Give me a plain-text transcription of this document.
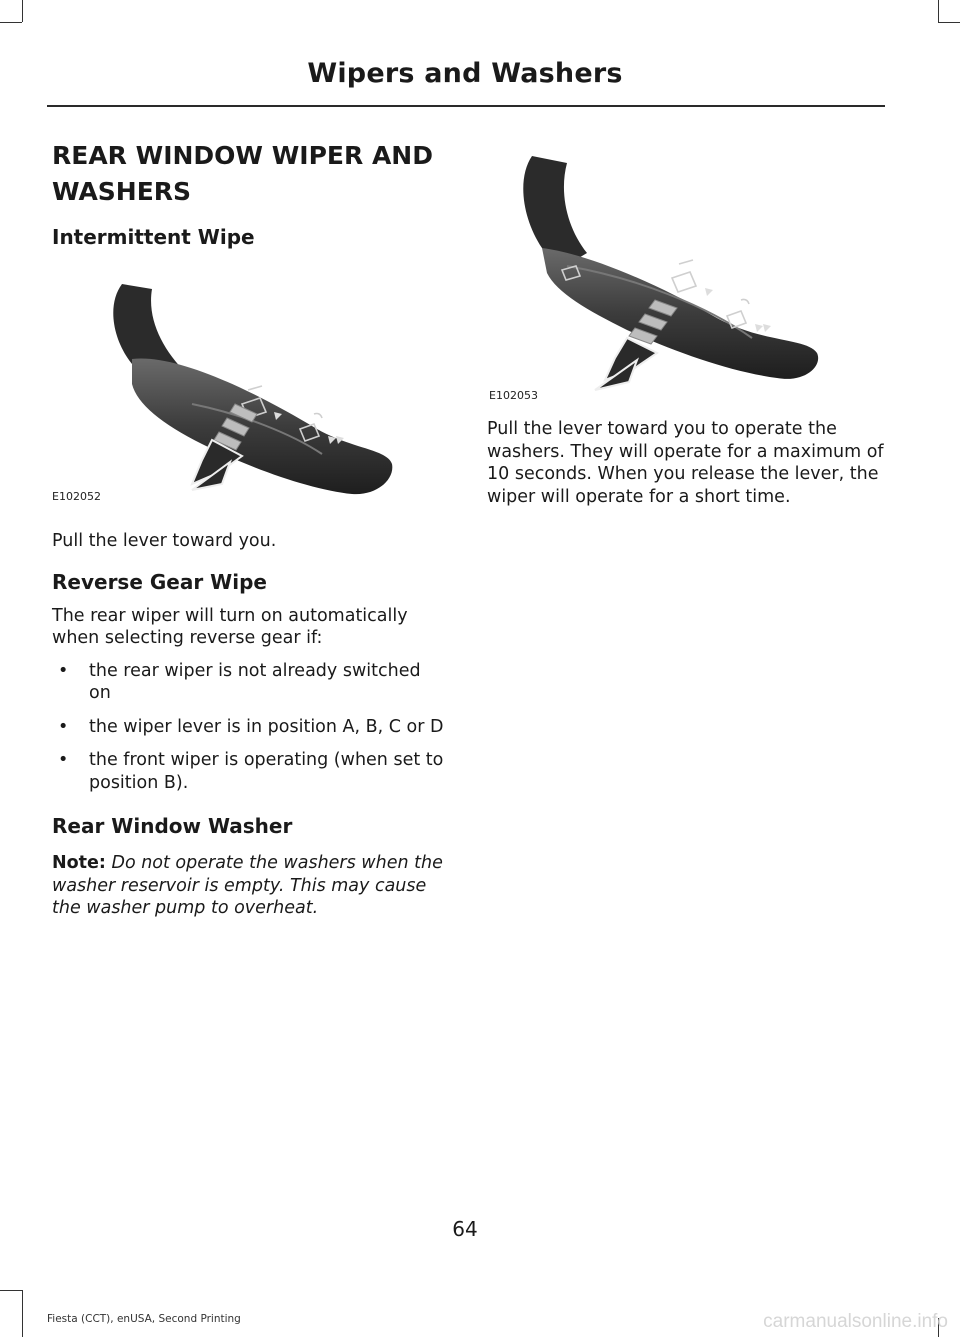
Wipers and Washers
REAR WINDOW WIPER AND
WASHERS
Intermittent Wipe
E102052

Pull the lever toward you.

Reverse Gear Wipe

The rear wiper will turn on automatically when selecting reverse gear if:

• the rear wiper is not already switched on
• the wiper lever is in position A, B, C or D
• the front wiper is operating (when set to position B).
Rear Window Washer

Note: Do not operate the washers when the washer reservoir is empty. This may cause the washer pump to overheat.

E102053

Pull the lever toward you to operate the washers. They will operate for a maximum of 10 seconds. When you release the lever, the wiper will operate for a short time.

64
Fiesta (CCT), enUSA, Second Printing	carmanualsonline.info
